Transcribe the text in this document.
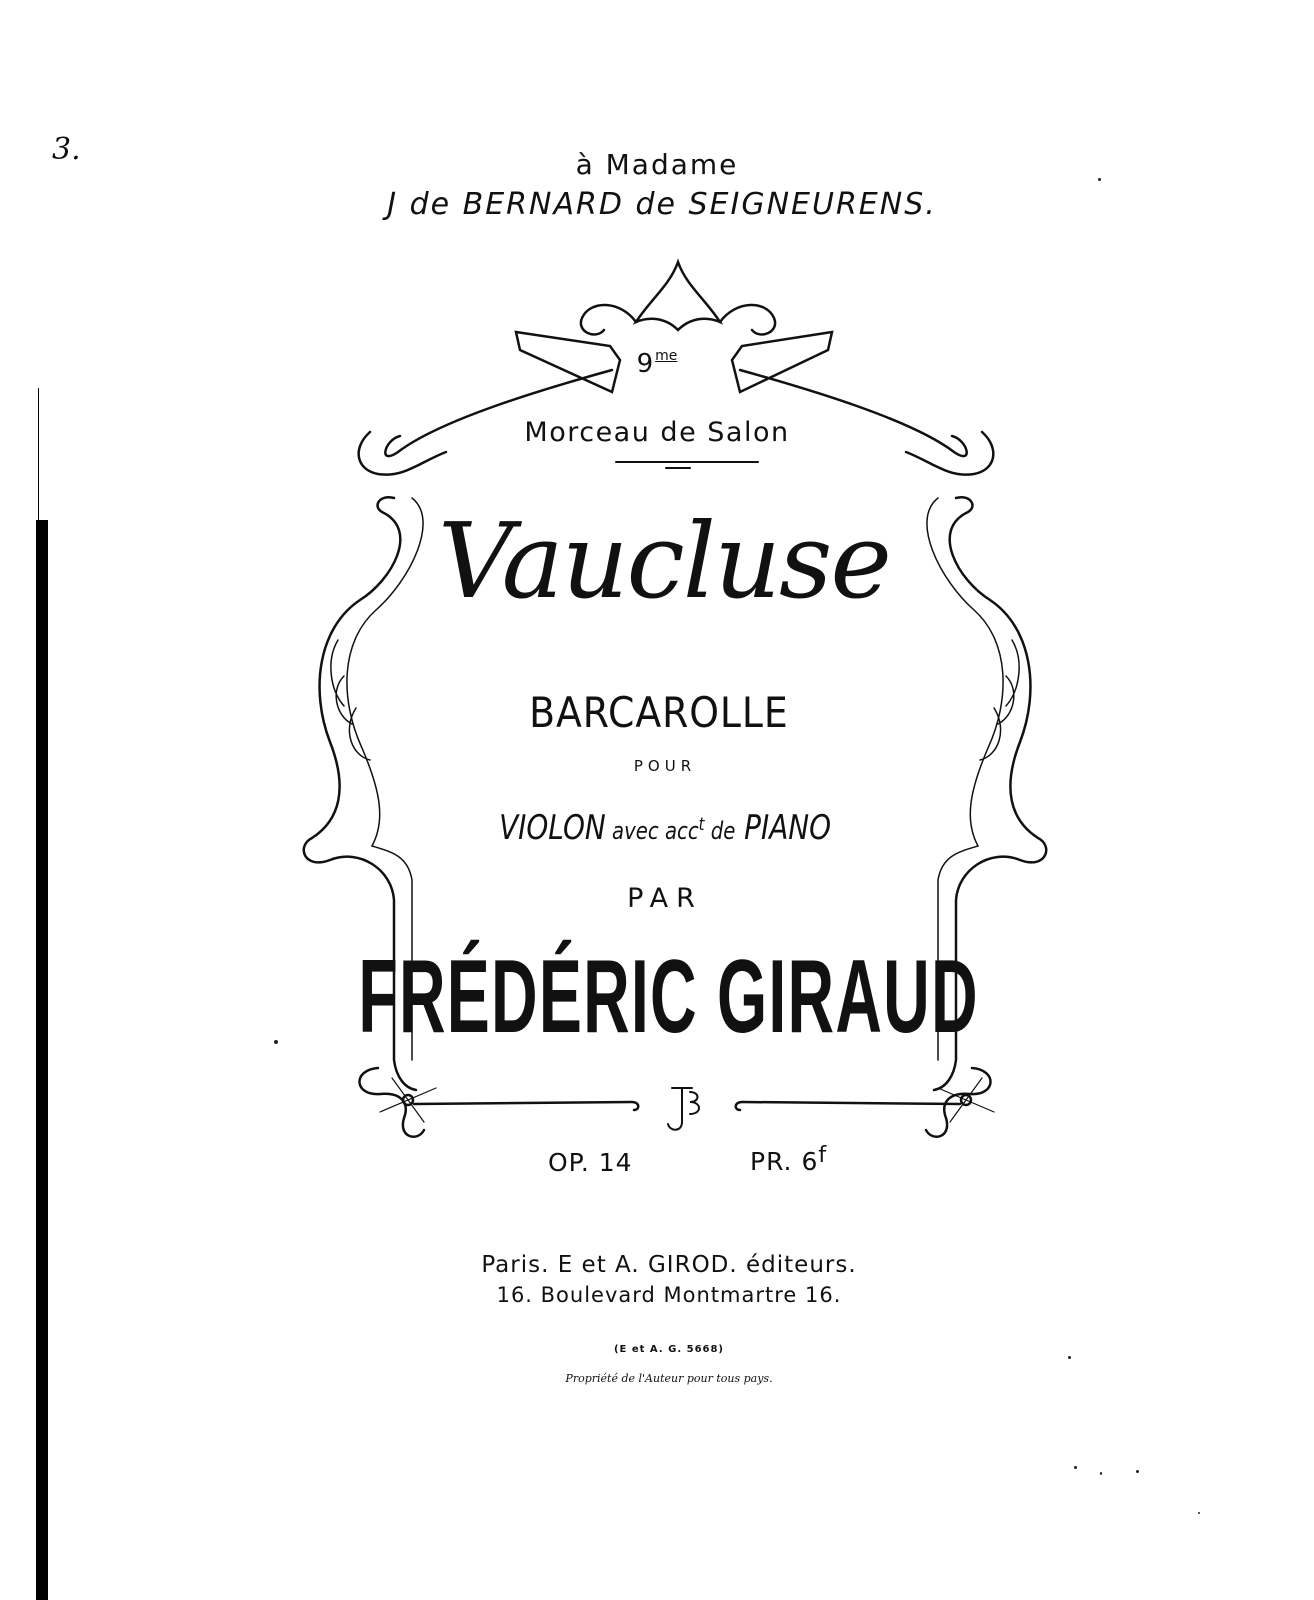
3.	à Madame
J de BERNARD de SEIGNEURENS.
9 $^{me}$
Morceau de Salon
Vaucluse
BARCAROLLE
POUR
VIOLON avec acc$^t$ de PIANO
PAR
FRÉDÉRIC GIRAUD
OP. 14	PR. 6$^f$
Paris. E et A. GIROD. éditeurs.
16. Boulevard Montmartre 16.
(E et A. G. 5668)
Propriété de l'Auteur pour tous pays.
